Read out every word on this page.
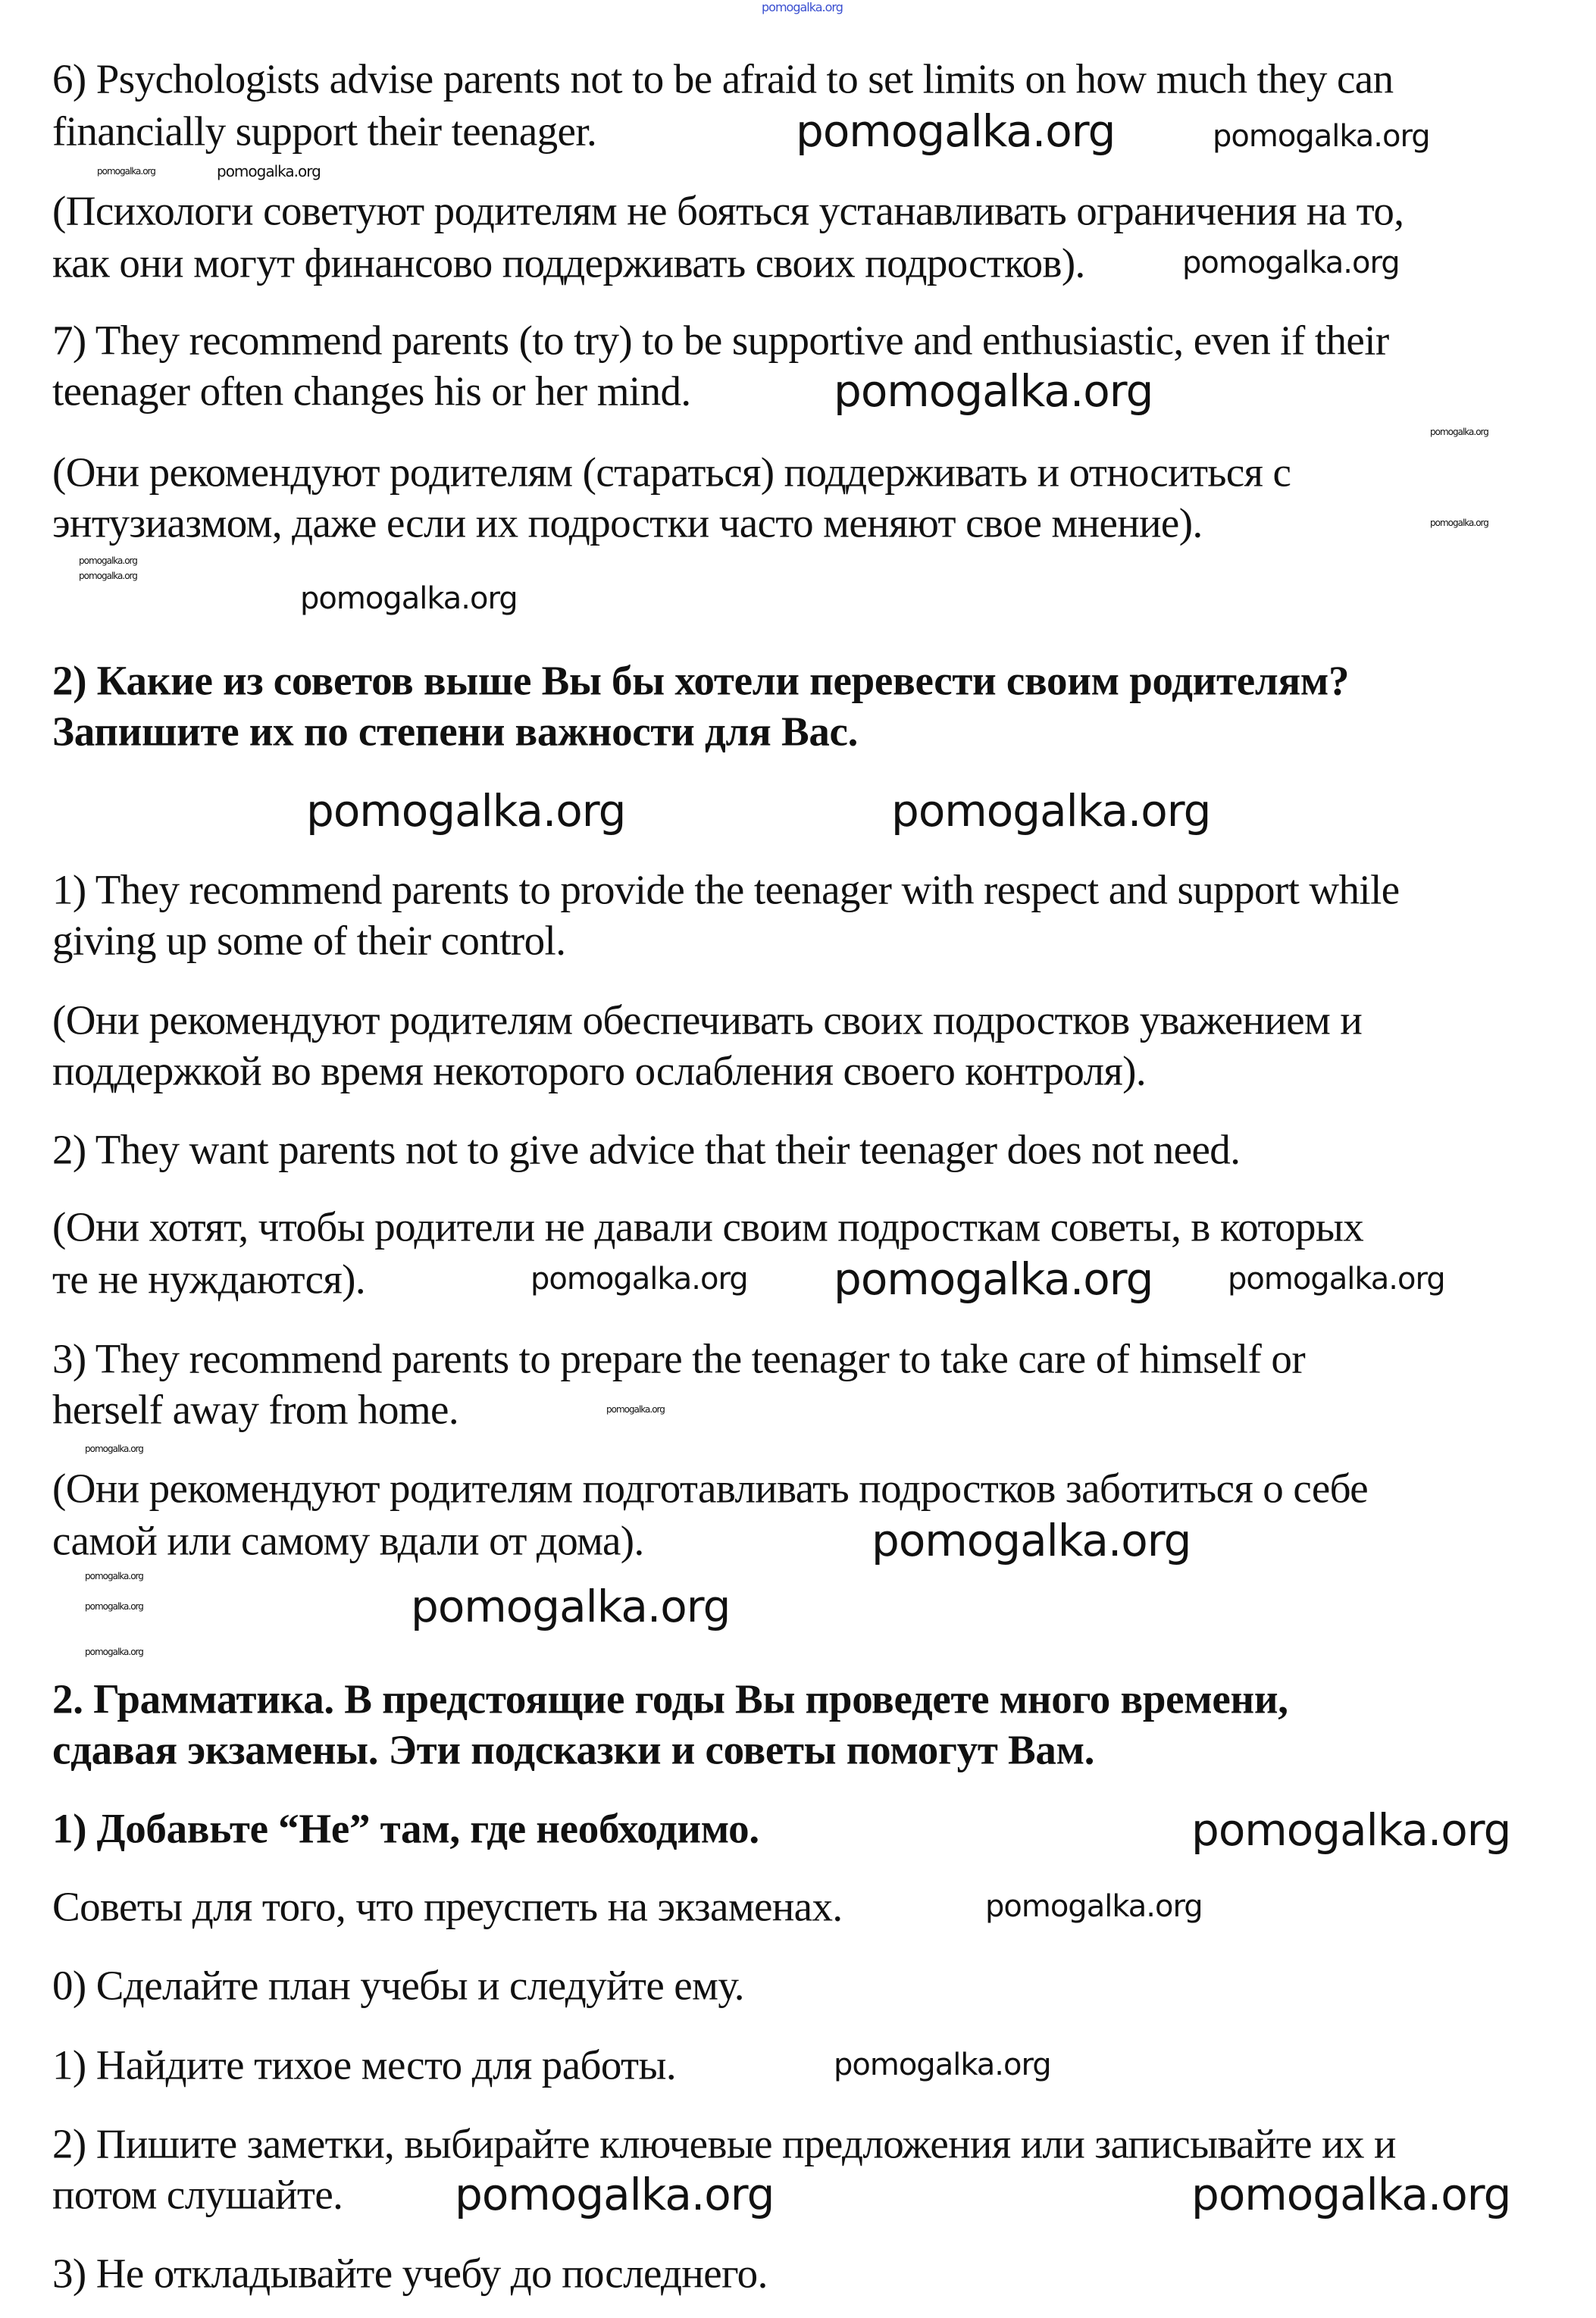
6) Psychologists advise parents not to be afraid to set limits on how much they can
financially support their teenager.
(Психологи советуют родителям не бояться устанавливать ограничения на то,
как они могут финансово поддерживать своих подростков).
7) They recommend parents (to try) to be supportive and enthusiastic, even if their
teenager often changes his or her mind.
(Они рекомендуют родителям (стараться) поддерживать и относиться с
энтузиазмом, даже если их подростки часто меняют свое мнение).
2) Какие из советов выше Вы бы хотели перевести своим родителям?
Запишите их по степени важности для Вас.
1) They recommend parents to provide the teenager with respect and support while
giving up some of their control.
(Они рекомендуют родителям обеспечивать своих подростков уважением и
поддержкой во время некоторого ослабления своего контроля).
2) They want parents not to give advice that their teenager does not need.
(Они хотят, чтобы родители не давали своим подросткам советы, в которых
те не нуждаются).
3) They recommend parents to prepare the teenager to take care of himself or
herself away from home.
(Они рекомендуют родителям подготавливать подростков заботиться о себе
самой или самому вдали от дома).
2. Грамматика. В предстоящие годы Вы проведете много времени,
сдавая экзамены. Эти подсказки и советы помогут Вам.
1) Добавьте “Не” там, где необходимо.
Советы для того, что преуспеть на экзаменах.
0) Сделайте план учебы и следуйте ему.
1) Найдите тихое место для работы.
2) Пишите заметки, выбирайте ключевые предложения или записывайте их и
потом слушайте.
3) Не откладывайте учебу до последнего.
pomogalka.org
pomogalka.org	pomogalka.org
pomogalka.org
pomogalka.org
pomogalka.org
pomogalka.org
pomogalka.org
pomogalka.org
pomogalka.org
pomogalka.org
pomogalka.org
pomogalka.org	pomogalka.org
pomogalka.org pomogalka.org pomogalka.org
pomogalka.org
pomogalka.org
pomogalka.org
pomogalka.org
pomogalka.org
pomogalka.org
pomogalka.org
pomogalka.org
pomogalka.org
pomogalka.org
pomogalka.org	pomogalka.org
